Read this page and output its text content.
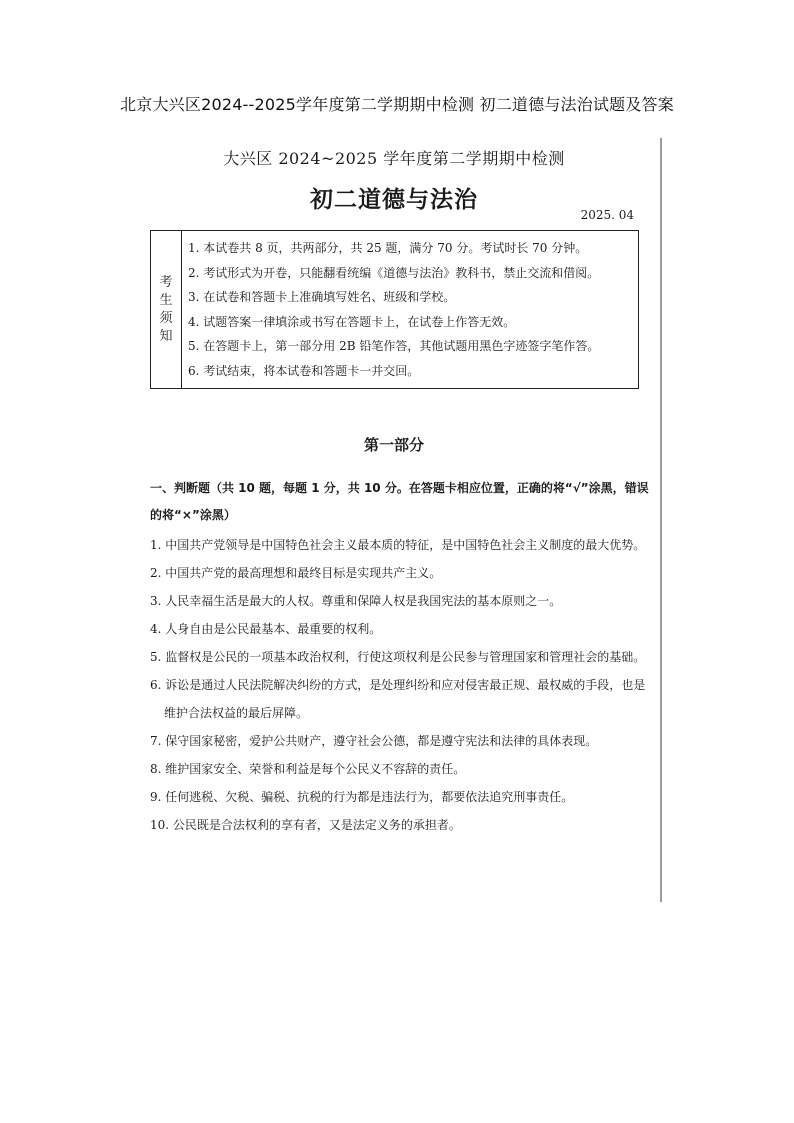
北京大兴区2024--2025学年度第二学期期中检测 初二道德与法治试题及答案
大兴区 2024~2025 学年度第二学期期中检测
初二道德与法治
2025. 04
考
生
须
知
1. 本试卷共 8 页，共两部分，共 25 题，满分 70 分。考试时长 70 分钟。
2. 考试形式为开卷，只能翻看统编《道德与法治》教科书，禁止交流和借阅。
3. 在试卷和答题卡上准确填写姓名、班级和学校。
4. 试题答案一律填涂或书写在答题卡上，在试卷上作答无效。
5. 在答题卡上，第一部分用 2B 铅笔作答，其他试题用黑色字迹签字笔作答。
6. 考试结束，将本试卷和答题卡一并交回。
第一部分
一、判断题（共 10 题，每题 1 分，共 10 分。在答题卡相应位置，正确的将“√”涂黑，错误的将“×”涂黑）
1. 中国共产党领导是中国特色社会主义最本质的特征，是中国特色社会主义制度的最大优势。
2. 中国共产党的最高理想和最终目标是实现共产主义。
3. 人民幸福生活是最大的人权。尊重和保障人权是我国宪法的基本原则之一。
4. 人身自由是公民最基本、最重要的权利。
5. 监督权是公民的一项基本政治权利，行使这项权利是公民参与管理国家和管理社会的基础。
6. 诉讼是通过人民法院解决纠纷的方式，是处理纠纷和应对侵害最正规、最权威的手段，也是维护合法权益的最后屏障。
7. 保守国家秘密，爱护公共财产，遵守社会公德，都是遵守宪法和法律的具体表现。
8. 维护国家安全、荣誉和利益是每个公民义不容辞的责任。
9. 任何逃税、欠税、骗税、抗税的行为都是违法行为，都要依法追究刑事责任。
10. 公民既是合法权利的享有者，又是法定义务的承担者。
